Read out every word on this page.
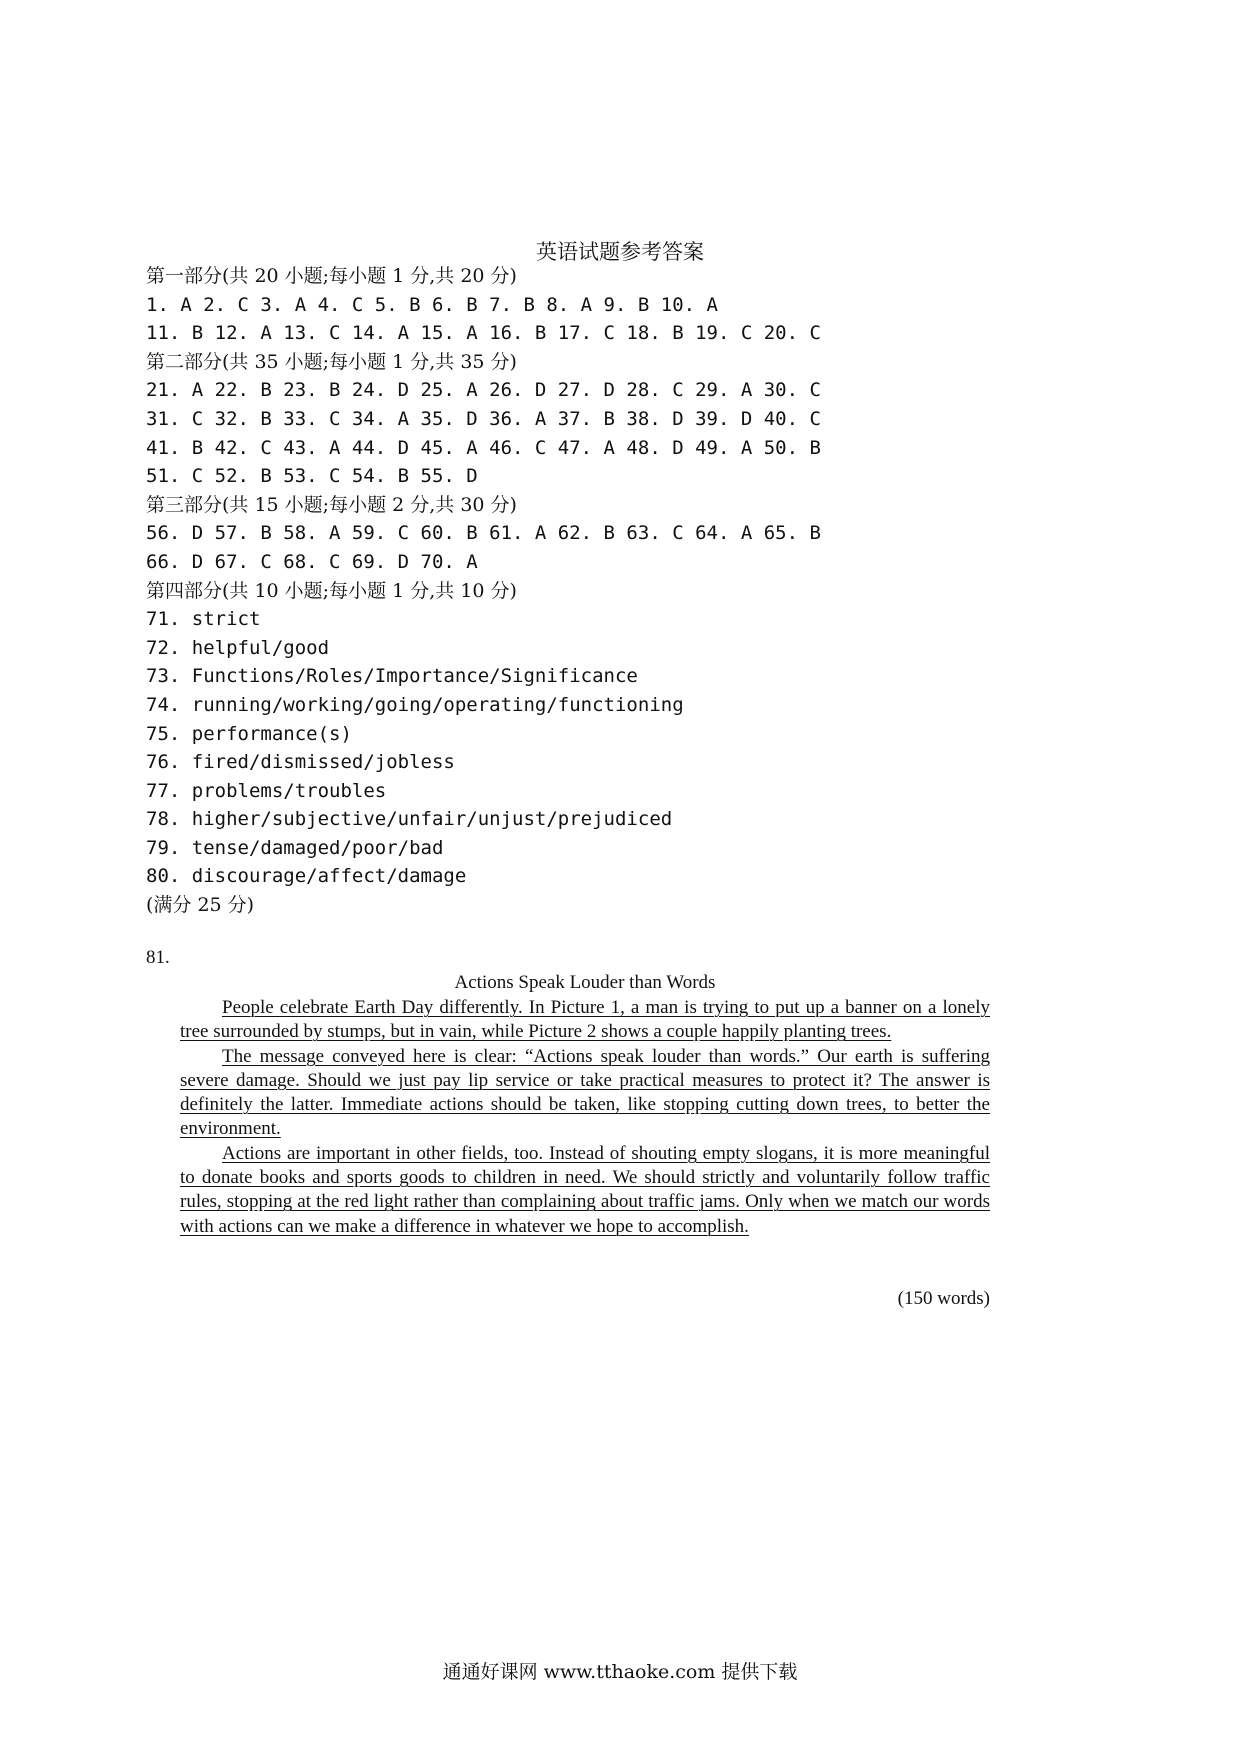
英语试题参考答案
第一部分(共 20 小题;每小题 1 分,共 20 分)
1. A 2. C 3. A 4. C 5. B 6. B 7. B 8. A 9. B 10. A
11. B 12. A 13. C 14. A 15. A 16. B 17. C 18. B 19. C 20. C
第二部分(共 35 小题;每小题 1 分,共 35 分)
21. A 22. B 23. B 24. D 25. A 26. D 27. D 28. C 29. A 30. C
31. C 32. B 33. C 34. A 35. D 36. A 37. B 38. D 39. D 40. C
41. B 42. C 43. A 44. D 45. A 46. C 47. A 48. D 49. A 50. B
51. C 52. B 53. C 54. B 55. D
第三部分(共 15 小题;每小题 2 分,共 30 分)
56. D 57. B 58. A 59. C 60. B 61. A 62. B 63. C 64. A 65. B
66. D 67. C 68. C 69. D 70. A
第四部分(共 10 小题;每小题 1 分,共 10 分)
71. strict
72. helpful/good
73. Functions/Roles/Importance/Significance
74. running/working/going/operating/functioning
75. performance(s)
76. fired/dismissed/jobless
77. problems/troubles
78. higher/subjective/unfair/unjust/prejudiced
79. tense/damaged/poor/bad
80. discourage/affect/damage
(满分 25 分)
81.
Actions Speak Louder than Words

People celebrate Earth Day differently. In Picture 1, a man is trying to put up a banner on a lonely tree surrounded by stumps, but in vain, while Picture 2 shows a couple happily planting trees.

The message conveyed here is clear: “Actions speak louder than words.” Our earth is suffering severe damage. Should we just pay lip service or take practical measures to protect it? The answer is definitely the latter. Immediate actions should be taken, like stopping cutting down trees, to better the environment.

Actions are important in other fields, too. Instead of shouting empty slogans, it is more meaningful to donate books and sports goods to children in need. We should strictly and voluntarily follow traffic rules, stopping at the red light rather than complaining about traffic jams. Only when we match our words with actions can we make a difference in whatever we hope to accomplish.

(150 words)
通通好课网 www.tthaoke.com 提供下载
